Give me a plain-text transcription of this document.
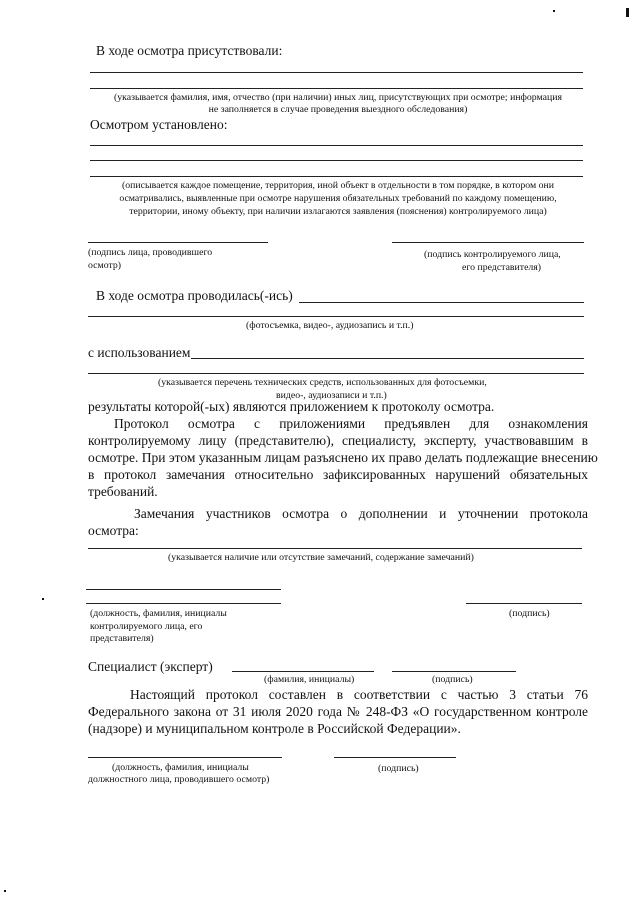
В ходе осмотра присутствовали:
(указывается фамилия, имя, отчество (при наличии) иных лиц, присутствующих при осмотре; информация
не заполняется в случае проведения выездного обследования)
Осмотром установлено:
(описывается каждое помещение, территория, иной объект в отдельности в том порядке, в котором они
осматривались, выявленные при осмотре нарушения обязательных требований по каждому помещению,
территории, иному объекту, при наличии излагаются заявления (пояснения) контролируемого лица)
(подпись лица, проводившего
осмотр)
(подпись контролируемого лица,
его представителя)
В ходе осмотра проводилась(-ись)
(фотосъемка, видео-, аудиозапись и т.п.)
с использованием
(указывается перечень технических средств, использованных для фотосъемки,
видео-, аудиозаписи и т.п.)
результаты которой(-ых) являются приложением к протоколу осмотра.
Протокол осмотра с приложениями предъявлен для ознакомления
контролируемому лицу (представителю), специалисту, эксперту, участвовавшим в
осмотре. При этом указанным лицам разъяснено их право делать подлежащие внесению
в протокол замечания относительно зафиксированных нарушений обязательных
требований.
Замечания участников осмотра о дополнении и уточнении протокола
осмотра:
(указывается наличие или отсутствие замечаний, содержание замечаний)
(должность, фамилия, инициалы
контролируемого лица, его
представителя)
(подпись)
Специалист (эксперт)
(фамилия, инициалы)	(подпись)
Настоящий протокол составлен в соответствии с частью 3 статьи 76
Федерального закона от 31 июля 2020 года № 248-ФЗ «О государственном контроле
(надзоре) и муниципальном контроле в Российской Федерации».
(должность, фамилия, инициалы
должностного лица, проводившего осмотр)
(подпись)
